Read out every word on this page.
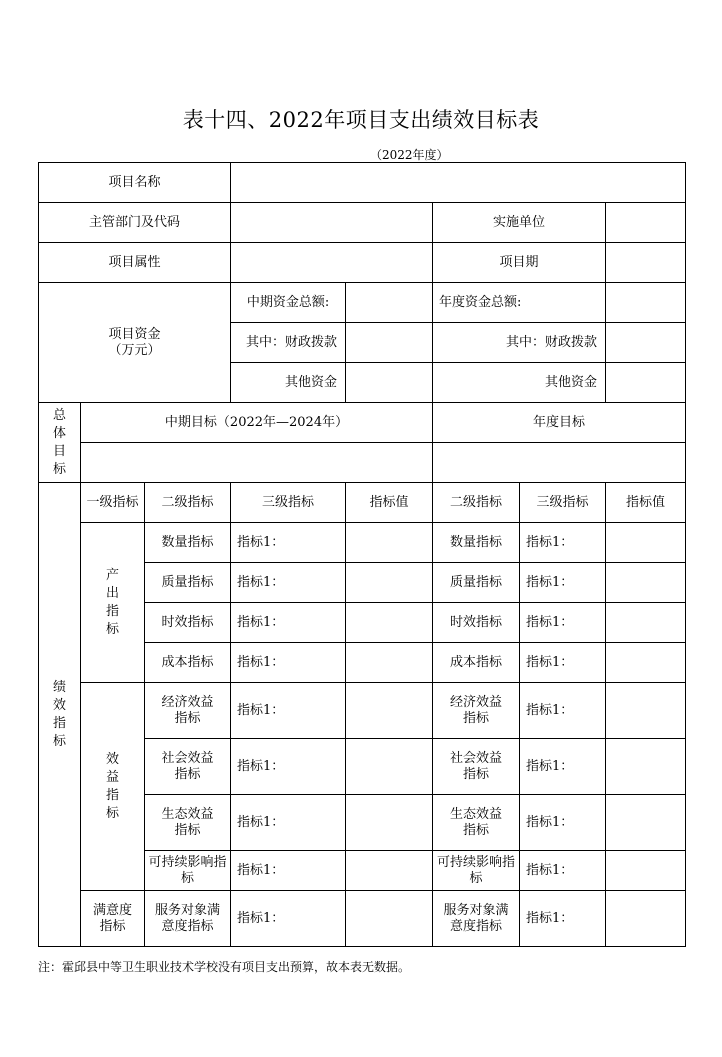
表十四、2022年项目支出绩效目标表
（2022年度）
项目名称							
主管部门及代码					实施单位		
项目属性					项目期		

项目资金
（万元）			中期资金总额:		年度资金总额:		
			其中：财政拨款		其中：财政拨款		
			其他资金		其他资金		

总体目标	中期目标（2022年—2024年）				年度目标		

绩效指标	一级指标	二级指标	三级指标	指标值	二级指标	三级指标	指标值

	产出指标	数量指标	指标1：		数量指标	指标1：	
		质量指标	指标1：		质量指标	指标1：	
		时效指标	指标1：		时效指标	指标1：	
		成本指标	指标1：		成本指标	指标1：	

	效益指标	经济效益指标	指标1：		经济效益指标	指标1：	

		社会效益指标	指标1：		社会效益指标	指标1：	

		生态效益指标	指标1：		生态效益指标	指标1：	

		可持续影响指标	指标1：		可持续影响指标	指标1：	

	满意度指标	服务对象满意度指标	指标1：		服务对象满意度指标	指标1：	
注：霍邱县中等卫生职业技术学校没有项目支出预算，故本表无数据。
